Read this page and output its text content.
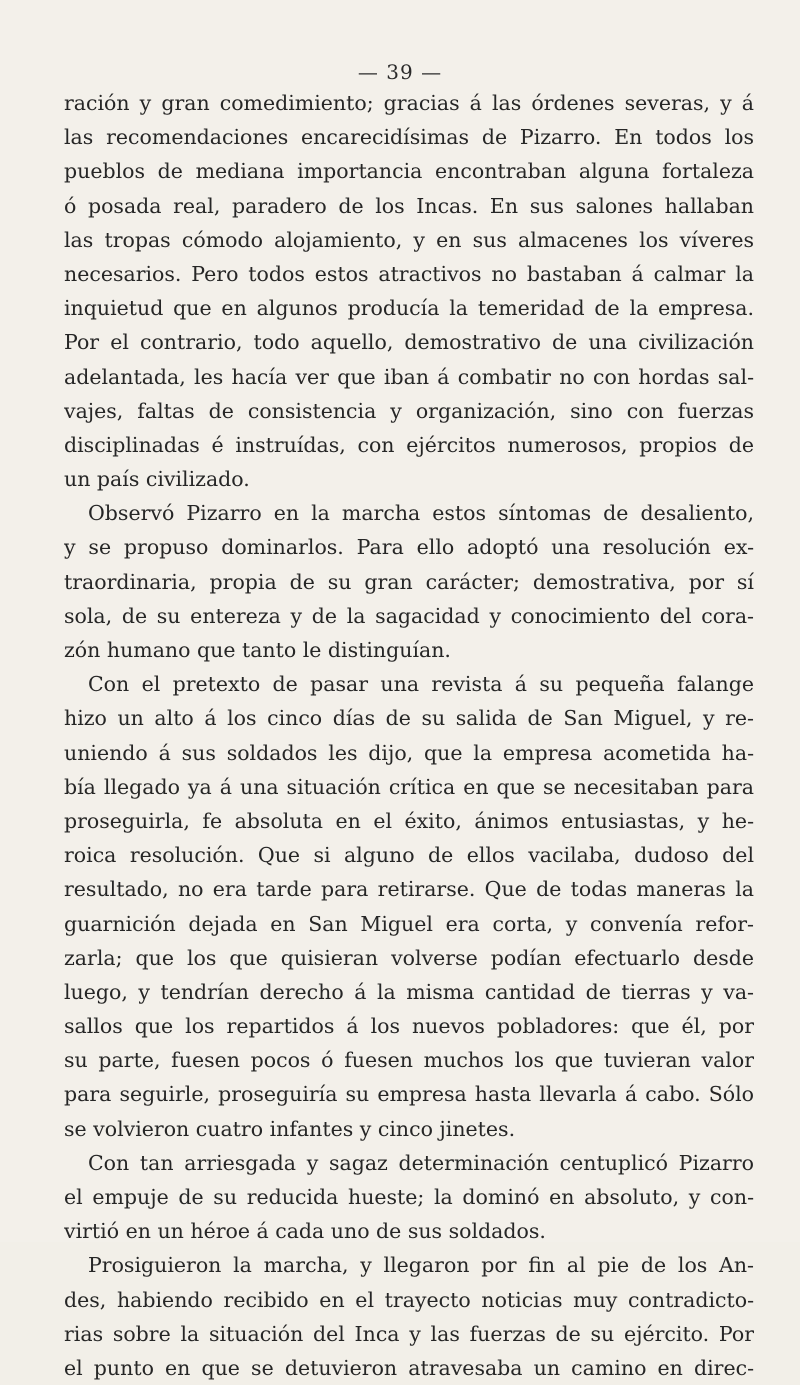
— 39 —
ración y gran comedimiento; gracias á las órdenes severas, y á
las recomendaciones encarecidísimas de Pizarro. En todos los
pueblos de mediana importancia encontraban alguna fortaleza
ó posada real, paradero de los Incas. En sus salones hallaban
las tropas cómodo alojamiento, y en sus almacenes los víveres
necesarios. Pero todos estos atractivos no bastaban á calmar la
inquietud que en algunos producía la temeridad de la empresa.
Por el contrario, todo aquello, demostrativo de una civilización
adelantada, les hacía ver que iban á combatir no con hordas sal-
vajes, faltas de consistencia y organización, sino con fuerzas
disciplinadas é instruídas, con ejércitos numerosos, propios de
un país civilizado.
Observó Pizarro en la marcha estos síntomas de desaliento,
y se propuso dominarlos. Para ello adoptó una resolución ex-
traordinaria, propia de su gran carácter; demostrativa, por sí
sola, de su entereza y de la sagacidad y conocimiento del cora-
zón humano que tanto le distinguían.
Con el pretexto de pasar una revista á su pequeña falange
hizo un alto á los cinco días de su salida de San Miguel, y re-
uniendo á sus soldados les dijo, que la empresa acometida ha-
bía llegado ya á una situación crítica en que se necesitaban para
proseguirla, fe absoluta en el éxito, ánimos entusiastas, y he-
roica resolución. Que si alguno de ellos vacilaba, dudoso del
resultado, no era tarde para retirarse. Que de todas maneras la
guarnición dejada en San Miguel era corta, y convenía refor-
zarla; que los que quisieran volverse podían efectuarlo desde
luego, y tendrían derecho á la misma cantidad de tierras y va-
sallos que los repartidos á los nuevos pobladores: que él, por
su parte, fuesen pocos ó fuesen muchos los que tuvieran valor
para seguirle, proseguiría su empresa hasta llevarla á cabo. Sólo
se volvieron cuatro infantes y cinco jinetes.
Con tan arriesgada y sagaz determinación centuplicó Pizarro
el empuje de su reducida hueste; la dominó en absoluto, y con-
virtió en un héroe á cada uno de sus soldados.
Prosiguieron la marcha, y llegaron por fin al pie de los An-
des, habiendo recibido en el trayecto noticias muy contradicto-
rias sobre la situación del Inca y las fuerzas de su ejército. Por
el punto en que se detuvieron atravesaba un camino en direc-
